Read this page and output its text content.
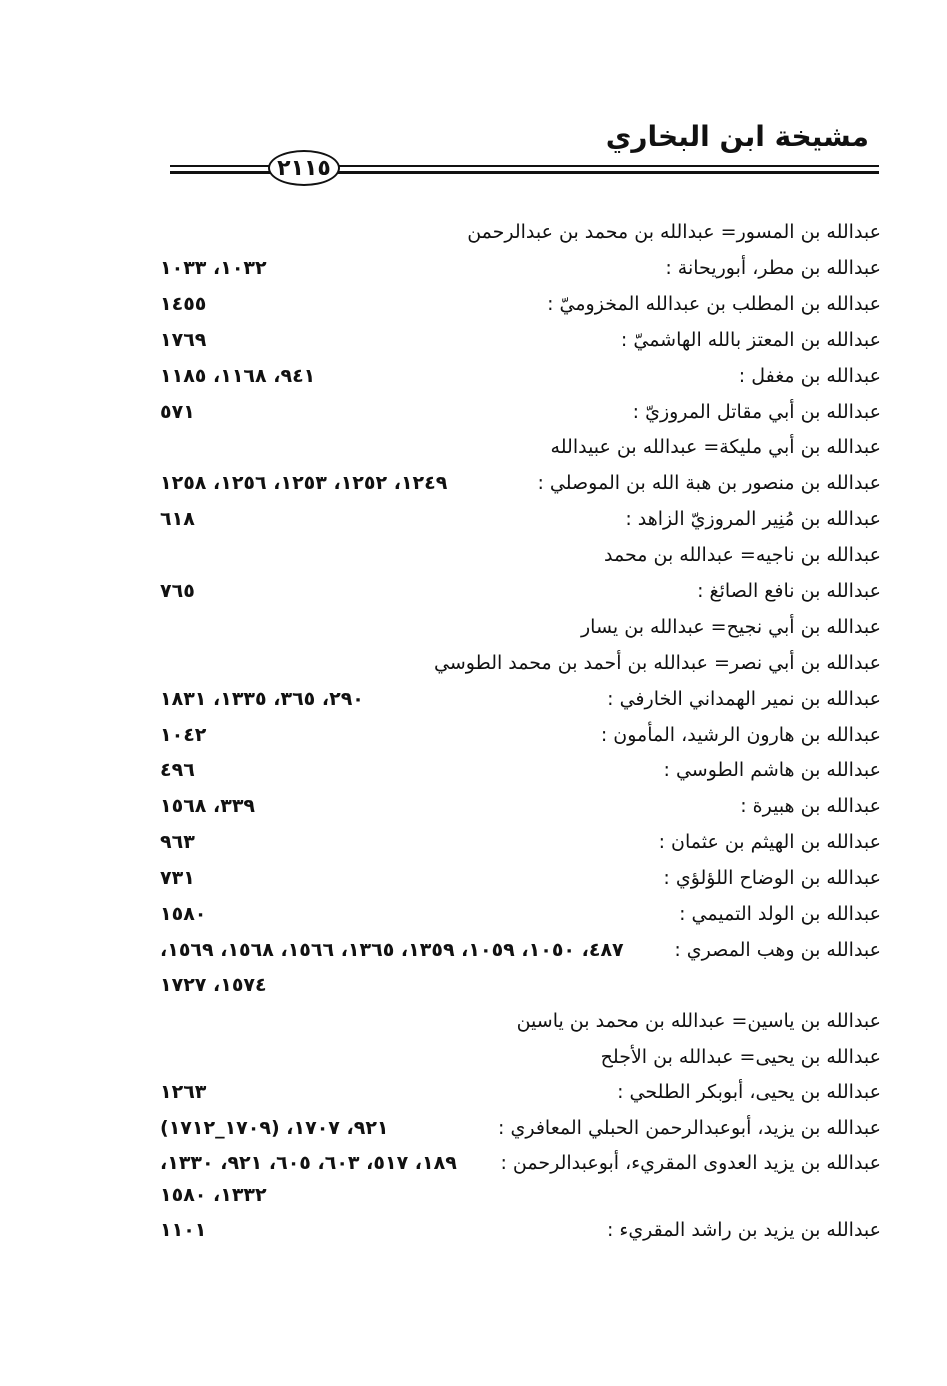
مشيخة ابن البخاري
٢١١٥
عبدالله بن المسور= عبدالله بن محمد بن عبدالرحمن
عبدالله بن مطر، أبوريحانة :
١٠٣٢، ١٠٣٣
عبدالله بن المطلب بن عبدالله المخزوميّ :
١٤٥٥
عبدالله بن المعتز بالله الهاشميّ :
١٧٦٩
عبدالله بن مغفل :
٩٤١، ١١٦٨، ١١٨٥
عبدالله بن أبي مقاتل المروزيّ :
٥٧١
عبدالله بن أبي مليكة= عبدالله بن عبيدالله
عبدالله بن منصور بن هبة الله بن الموصلي :
١٢٤٩، ١٢٥٢، ١٢٥٣، ١٢٥٦، ١٢٥٨
عبدالله بن مُنِير المروزيّ الزاهد :
٦١٨
عبدالله بن ناجيه= عبدالله بن محمد
عبدالله بن نافع الصائغ :
٧٦٥
عبدالله بن أبي نجيح= عبدالله بن يسار
عبدالله بن أبي نصر= عبدالله بن أحمد بن محمد الطوسي
عبدالله بن نمير الهمداني الخارفي :
٢٩٠، ٣٦٥، ١٣٣٥، ١٨٣١
عبدالله بن هارون الرشيد، المأمون :
١٠٤٢
عبدالله بن هاشم الطوسي :
٤٩٦
عبدالله بن هبيرة :
٣٣٩، ١٥٦٨
عبدالله بن الهيثم بن عثمان :
٩٦٣
عبدالله بن الوضاح اللؤلؤي :
٧٣١
عبدالله بن الولد التميمي :
١٥٨٠
عبدالله بن وهب المصري :
٤٨٧، ١٠٥٠، ١٠٥٩، ١٣٥٩، ١٣٦٥، ١٥٦٦، ١٥٦٨، ١٥٦٩،
١٥٧٤، ١٧٢٧
عبدالله بن ياسين= عبدالله بن محمد بن ياسين
عبدالله بن يحيى= عبدالله بن الأجلح
عبدالله بن يحيى، أبوبكر الطلحي :
١٢٦٣
عبدالله بن يزيد، أبوعبدالرحمن الحبلي المعافري :
٩٢١، ١٧٠٧، (١٧٠٩_١٧١٢)
عبدالله بن يزيد العدوى المقريء، أبوعبدالرحمن :
١٨٩، ٥١٧، ٦٠٣، ٦٠٥، ٩٢١، ١٣٣٠،
١٣٣٢، ١٥٨٠
عبدالله بن يزيد بن راشد المقريء :
١١٠١
